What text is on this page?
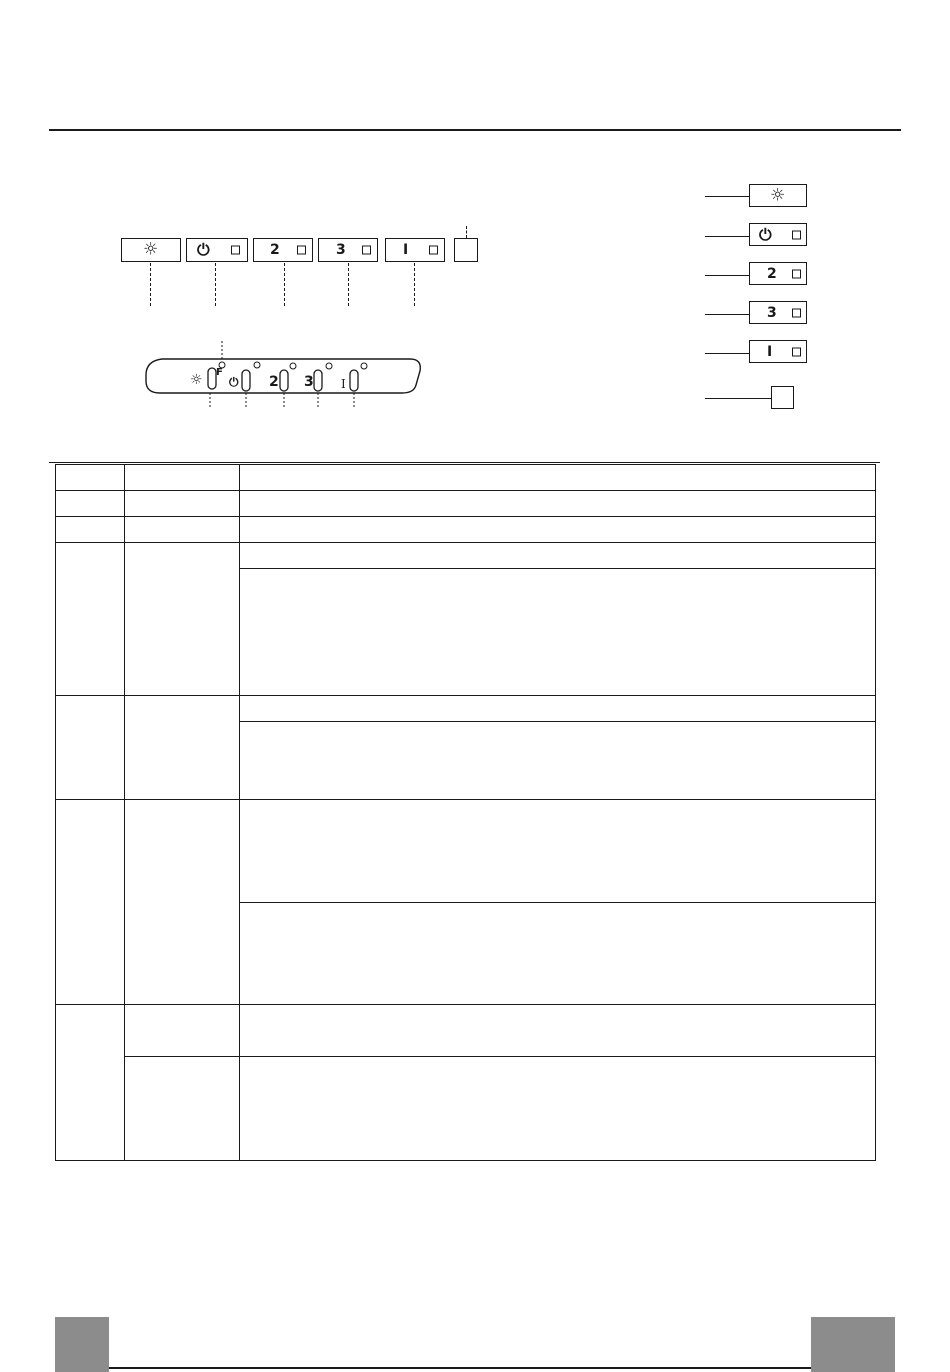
☼ ⏻	2	3	I
F
☼ ⏻ 2 3 I
☼
⏻
2
3
I
